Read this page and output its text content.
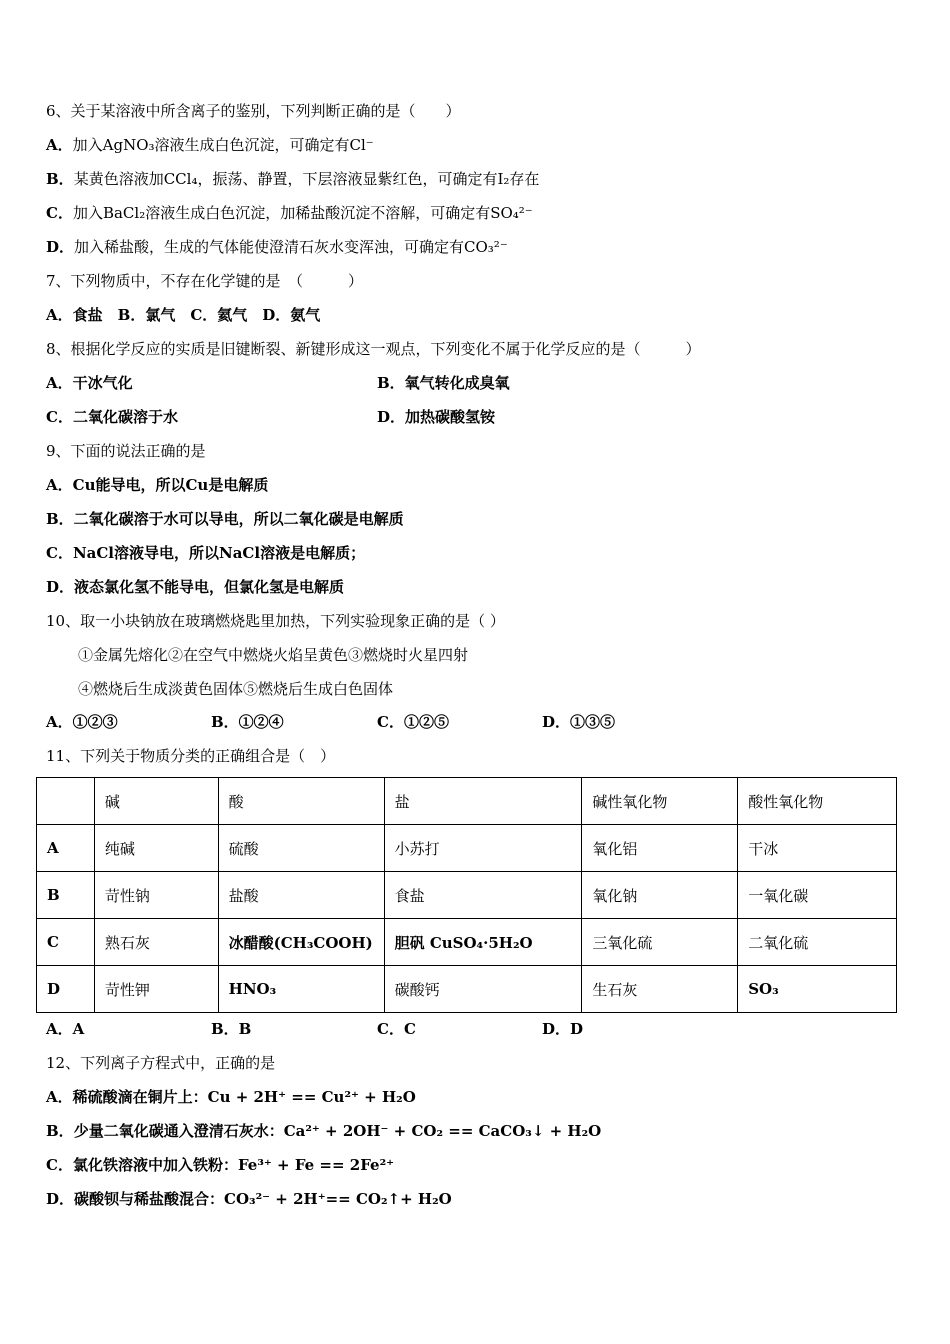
6、关于某溶液中所含离子的鉴别，下列判断正确的是（　　）
A．加入AgNO₃溶液生成白色沉淀，可确定有Cl⁻
B．某黄色溶液加CCl₄，振荡、静置，下层溶液显紫红色，可确定有I₂存在
C．加入BaCl₂溶液生成白色沉淀，加稀盐酸沉淀不溶解，可确定有SO₄²⁻
D．加入稀盐酸，生成的气体能使澄清石灰水变浑浊，可确定有CO₃²⁻
7、下列物质中，不存在化学键的是　（　　　）
A．食盐　B．氯气　C．氦气　D．氨气
8、根据化学反应的实质是旧键断裂、新键形成这一观点，下列变化不属于化学反应的是（　　　）
A．干冰气化	B．氧气转化成臭氧
C．二氧化碳溶于水	D．加热碳酸氢铵
9、下面的说法正确的是
A．Cu能导电，所以Cu是电解质
B．二氧化碳溶于水可以导电，所以二氧化碳是电解质
C．NaCl溶液导电，所以NaCl溶液是电解质；
D．液态氯化氢不能导电，但氯化氢是电解质
10、取一小块钠放在玻璃燃烧匙里加热，下列实验现象正确的是（ ）
①金属先熔化②在空气中燃烧火焰呈黄色③燃烧时火星四射
④燃烧后生成淡黄色固体⑤燃烧后生成白色固体
A．①②③	B．①②④	C．①②⑤	D．①③⑤
11、下列关于物质分类的正确组合是（　）
	碱	酸	盐	碱性氧化物	酸性氧化物
A	纯碱	硫酸	小苏打	氧化铝	干冰
B	苛性钠	盐酸	食盐	氧化钠	一氧化碳
C	熟石灰	冰醋酸(CH₃COOH)	胆矾 CuSO₄·5H₂O	三氧化硫	二氧化硫
D	苛性钾	HNO₃	碳酸钙	生石灰	SO₃
A．A	B．B	C．C	D．D
12、下列离子方程式中，正确的是
A．稀硫酸滴在铜片上：Cu + 2H⁺ == Cu²⁺ + H₂O
B．少量二氧化碳通入澄清石灰水：Ca²⁺ + 2OH⁻ + CO₂ == CaCO₃↓ + H₂O
C．氯化铁溶液中加入铁粉：Fe³⁺ + Fe == 2Fe²⁺
D．碳酸钡与稀盐酸混合：CO₃²⁻ + 2H⁺== CO₂↑+ H₂O
